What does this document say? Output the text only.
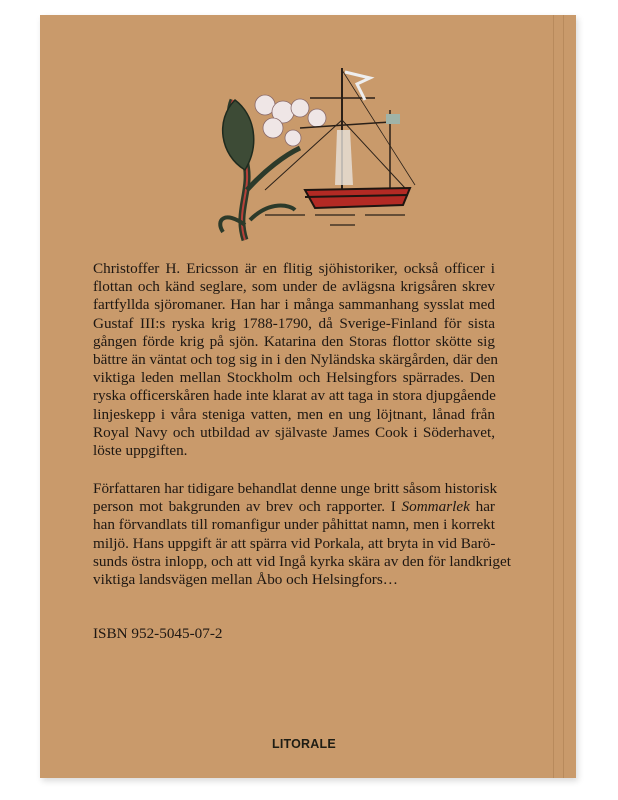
Christoffer H. Ericsson är en flitig sjöhistoriker, också officer i
flottan och känd seglare, som under de avlägsna krigsåren skrev
fartfyllda sjöromaner. Han har i många sammanhang sysslat med
Gustaf III:s ryska krig 1788-1790, då Sverige-Finland för sista
gången förde krig på sjön. Katarina den Storas flottor skötte sig
bättre än väntat och tog sig in i den Nyländska skärgården, där den
viktiga leden mellan Stockholm och Helsingfors spärrades. Den
ryska officerskåren hade inte klarat av att taga in stora djupgående
linjeskepp i våra steniga vatten, men en ung löjtnant, lånad från
Royal Navy och utbildad av självaste James Cook i Söderhavet,
löste uppgiften.
Författaren har tidigare behandlat denne unge britt såsom historisk
person mot bakgrunden av brev och rapporter. I Sommarlek har
han förvandlats till romanfigur under påhittat namn, men i korrekt
miljö. Hans uppgift är att spärra vid Porkala, att bryta in vid Barö-
sunds östra inlopp, och att vid Ingå kyrka skära av den för landkriget
viktiga landsvägen mellan Åbo och Helsingfors…
ISBN 952-5045-07-2
LITORALE
